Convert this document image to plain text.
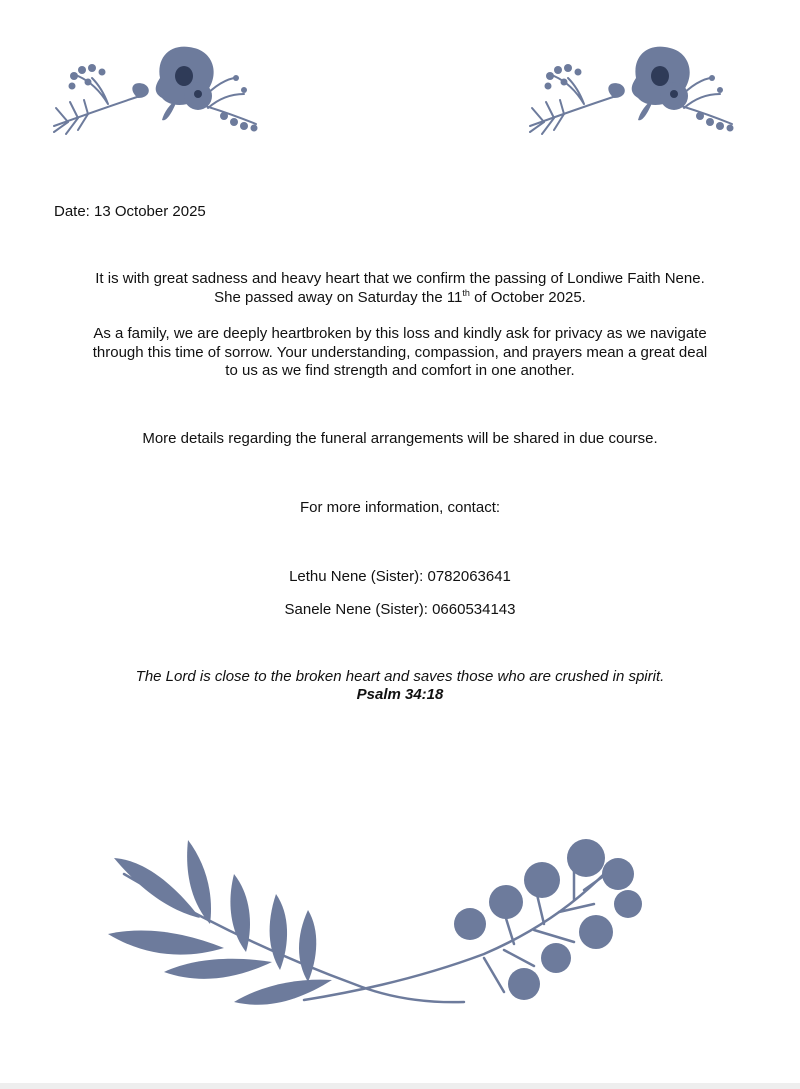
Date: 13 October 2025
It is with great sadness and heavy heart that we confirm the passing of Londiwe Faith Nene.
She passed away on Saturday the 11th of October 2025.
As a family, we are deeply heartbroken by this loss and kindly ask for privacy as we navigate
through this time of sorrow. Your understanding, compassion, and prayers mean a great deal
to us as we find strength and comfort in one another.
More details regarding the funeral arrangements will be shared in due course.
For more information, contact:
Lethu Nene (Sister): 0782063641
Sanele Nene (Sister): 0660534143
The Lord is close to the broken heart and saves those who are crushed in spirit.
Psalm 34:18
